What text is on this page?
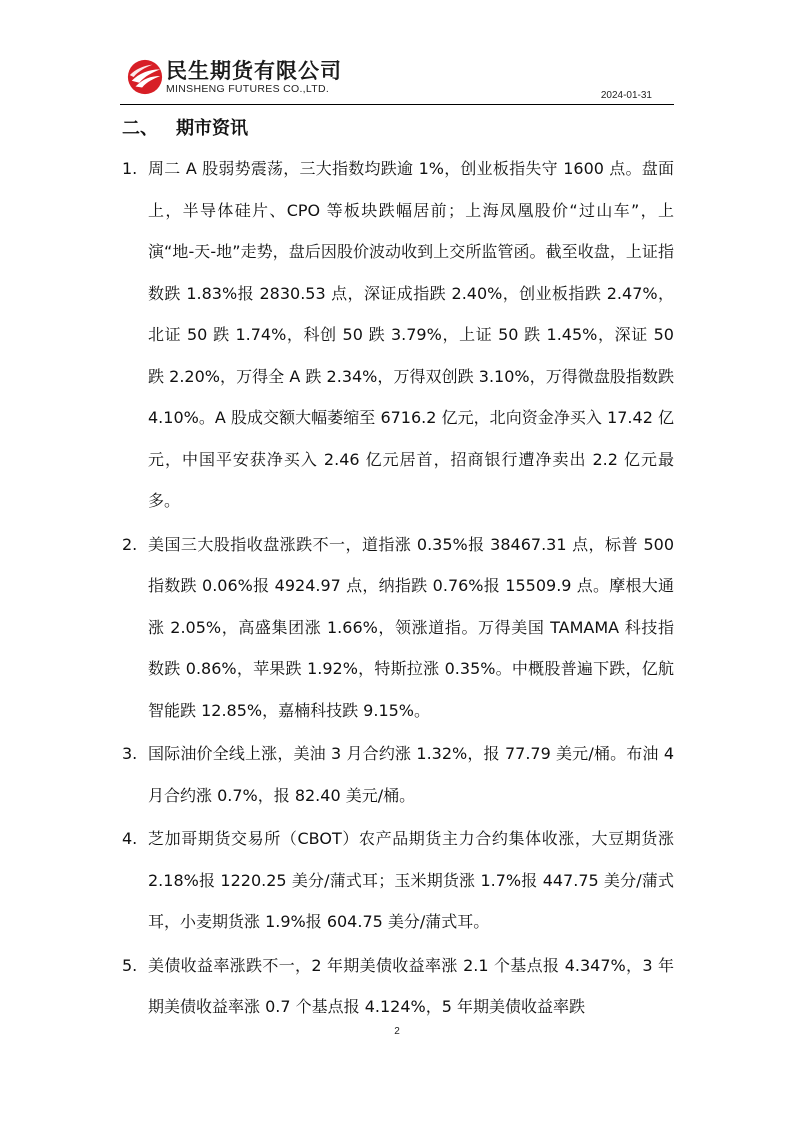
民生期货有限公司
MINSHENG FUTURES CO.,LTD.
2024-01-31
二、 期市资讯
1. 周二 A 股弱势震荡，三大指数均跌逾 1%，创业板指失守 1600 点。盘面上，半导体硅片、CPO 等板块跌幅居前；上海凤凰股价“过山车”，上演“地-天-地”走势，盘后因股价波动收到上交所监管函。截至收盘，上证指数跌 1.83%报 2830.53 点，深证成指跌 2.40%，创业板指跌 2.47%，北证 50 跌 1.74%，科创 50 跌 3.79%，上证 50 跌 1.45%，深证 50 跌 2.20%，万得全 A 跌 2.34%，万得双创跌 3.10%，万得微盘股指数跌 4.10%。A 股成交额大幅萎缩至 6716.2 亿元，北向资金净买入 17.42 亿元，中国平安获净买入 2.46 亿元居首，招商银行遭净卖出 2.2 亿元最多。
2. 美国三大股指收盘涨跌不一，道指涨 0.35%报 38467.31 点，标普 500 指数跌 0.06%报 4924.97 点，纳指跌 0.76%报 15509.9 点。摩根大通涨 2.05%，高盛集团涨 1.66%，领涨道指。万得美国 TAMAMA 科技指数跌 0.86%，苹果跌 1.92%，特斯拉涨 0.35%。中概股普遍下跌，亿航智能跌 12.85%，嘉楠科技跌 9.15%。
3. 国际油价全线上涨，美油 3 月合约涨 1.32%，报 77.79 美元/桶。布油 4 月合约涨 0.7%，报 82.40 美元/桶。
4. 芝加哥期货交易所（CBOT）农产品期货主力合约集体收涨，大豆期货涨 2.18%报 1220.25 美分/蒲式耳；玉米期货涨 1.7%报 447.75 美分/蒲式耳，小麦期货涨 1.9%报 604.75 美分/蒲式耳。
5. 美债收益率涨跌不一，2 年期美债收益率涨 2.1 个基点报 4.347%，3 年期美债收益率涨 0.7 个基点报 4.124%，5 年期美债收益率跌
2
